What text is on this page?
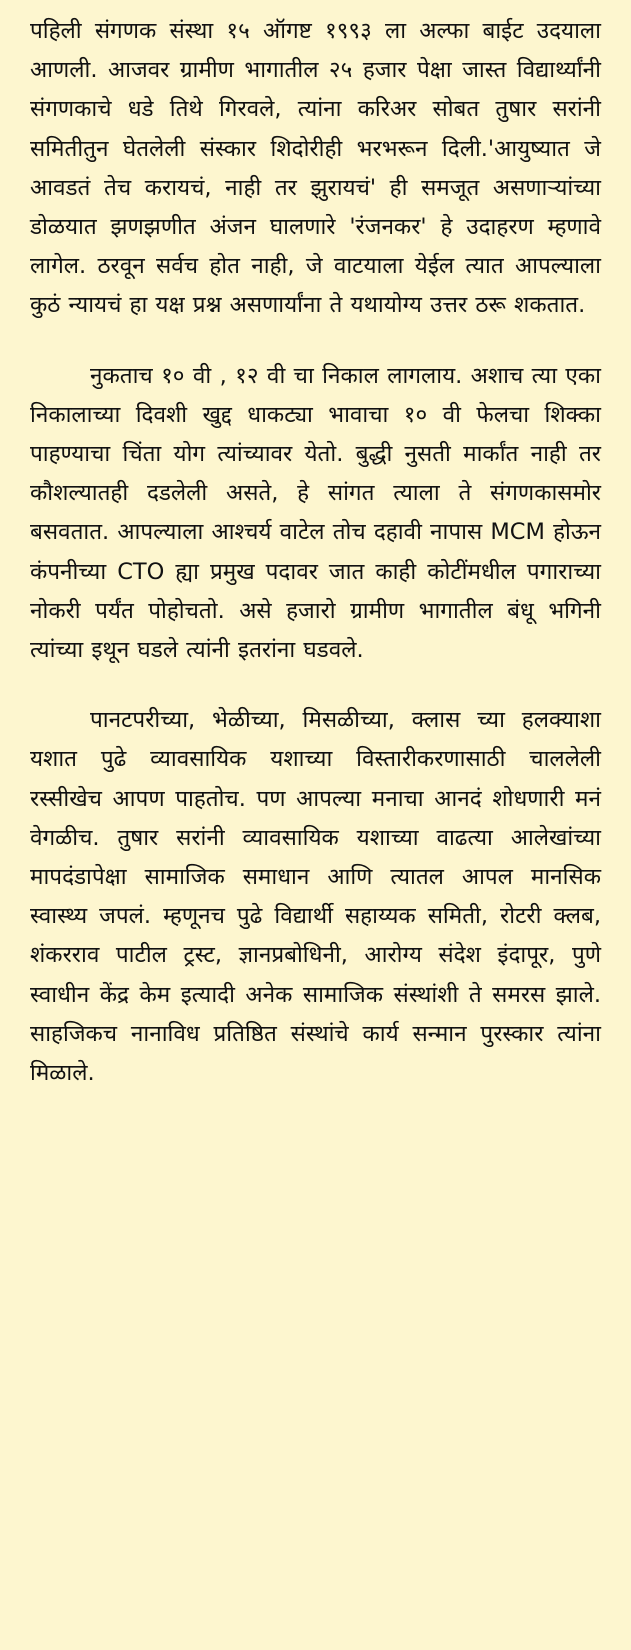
पहिली संगणक संस्था १५ ऑगष्ट १९९३ ला अल्फा बाईट उदयाला आणली. आजवर ग्रामीण भागातील २५ हजार पेक्षा जास्त विद्यार्थ्यांनी संगणकाचे धडे तिथे गिरवले, त्यांना करिअर सोबत तुषार सरांनी समितीतुन घेतलेली संस्कार शिदोरीही भरभरून दिली.'आयुष्यात जे आवडतं तेच करायचं, नाही तर झुरायचं' ही समजूत असणाऱ्यांच्या डोळयात झणझणीत अंजन घालणारे 'रंजनकर' हे उदाहरण म्हणावे लागेल. ठरवून सर्वच होत नाही, जे वाटयाला येईल त्यात आपल्याला कुठं न्यायचं हा यक्ष प्रश्न असणार्यांना ते यथायोग्य उत्तर ठरू शकतात.

नुकताच १० वी , १२ वी चा निकाल लागलाय. अशाच त्या एका निकालाच्या दिवशी खुद्द धाकट्या भावाचा १० वी फेलचा शिक्का पाहण्याचा चिंता योग त्यांच्यावर येतो. बुद्धी नुसती मार्कांत नाही तर कौशल्यातही दडलेली असते, हे सांगत त्याला ते संगणकासमोर बसवतात. आपल्याला आश्चर्य वाटेल तोच दहावी नापास MCM होऊन कंपनीच्या CTO ह्या प्रमुख पदावर जात काही कोटींमधील पगाराच्या नोकरी पर्यंत पोहोचतो. असे हजारो ग्रामीण भागातील बंधू भगिनी त्यांच्या इथून घडले त्यांनी इतरांना घडवले.

पानटपरीच्या, भेळीच्या, मिसळीच्या, क्लास च्या हलक्याशा यशात पुढे व्यावसायिक यशाच्या विस्तारीकरणासाठी चाललेली रस्सीखेच आपण पाहतोच. पण आपल्या मनाचा आनदं शोधणारी मनं वेगळीच. तुषार सरांनी व्यावसायिक यशाच्या वाढत्या आलेखांच्या मापदंडापेक्षा सामाजिक समाधान आणि त्यातल आपल मानसिक स्वास्थ्य जपलं. म्हणूनच पुढे विद्यार्थी सहाय्यक समिती, रोटरी क्लब, शंकरराव पाटील ट्रस्ट, ज्ञानप्रबोधिनी, आरोग्य संदेश इंदापूर, पुणे स्वाधीन केंद्र केम इत्यादी अनेक सामाजिक संस्थांशी ते समरस झाले. साहजिकच नानाविध प्रतिष्ठित संस्थांचे कार्य सन्मान पुरस्कार त्यांना मिळाले.
